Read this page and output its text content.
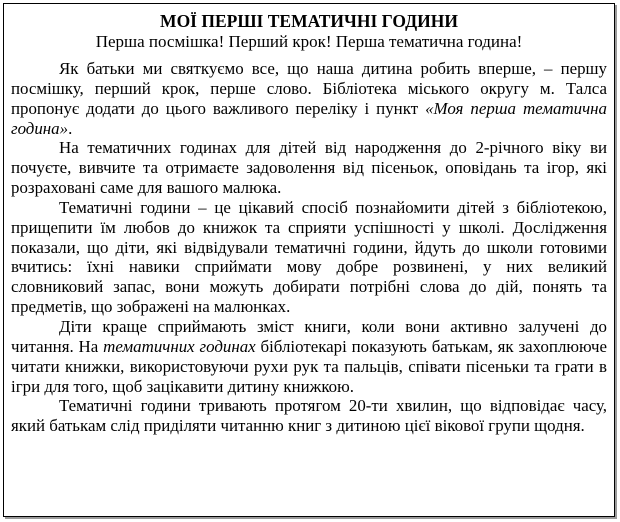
МОЇ ПЕРШІ ТЕМАТИЧНІ ГОДИНИ

Перша посмішка! Перший крок! Перша тематична година!

Як батьки ми святкуємо все, що наша дитина робить вперше, – першу посмішку, перший крок, перше слово. Бібліотека міського округу м. Талса пропонує додати до цього важливого переліку і пункт «Моя перша тематична година».

На тематичних годинах для дітей від народження до 2-річного віку ви почуєте, вивчите та отримаєте задоволення від пісеньок, оповідань та ігор, які розраховані саме для вашого малюка.

Тематичні години – це цікавий спосіб познайомити дітей з бібліотекою, прищепити їм любов до книжок та сприяти успішності у школі. Дослідження показали, що діти, які відвідували тематичні години, йдуть до школи готовими вчитись: їхні навики сприймати мову добре розвинені, у них великий словниковий запас, вони можуть добирати потрібні слова до дій, понять та предметів, що зображені на малюнках.

Діти краще сприймають зміст книги, коли вони активно залучені до читання. На тематичних годинах бібліотекарі показують батькам, як захоплююче читати книжки, використовуючи рухи рук та пальців, співати пісеньки та грати в ігри для того, щоб зацікавити дитину книжкою.

Тематичні години тривають протягом 20-ти хвилин, що відповідає часу, який батькам слід приділяти читанню книг з дитиною цієї вікової групи щодня.
